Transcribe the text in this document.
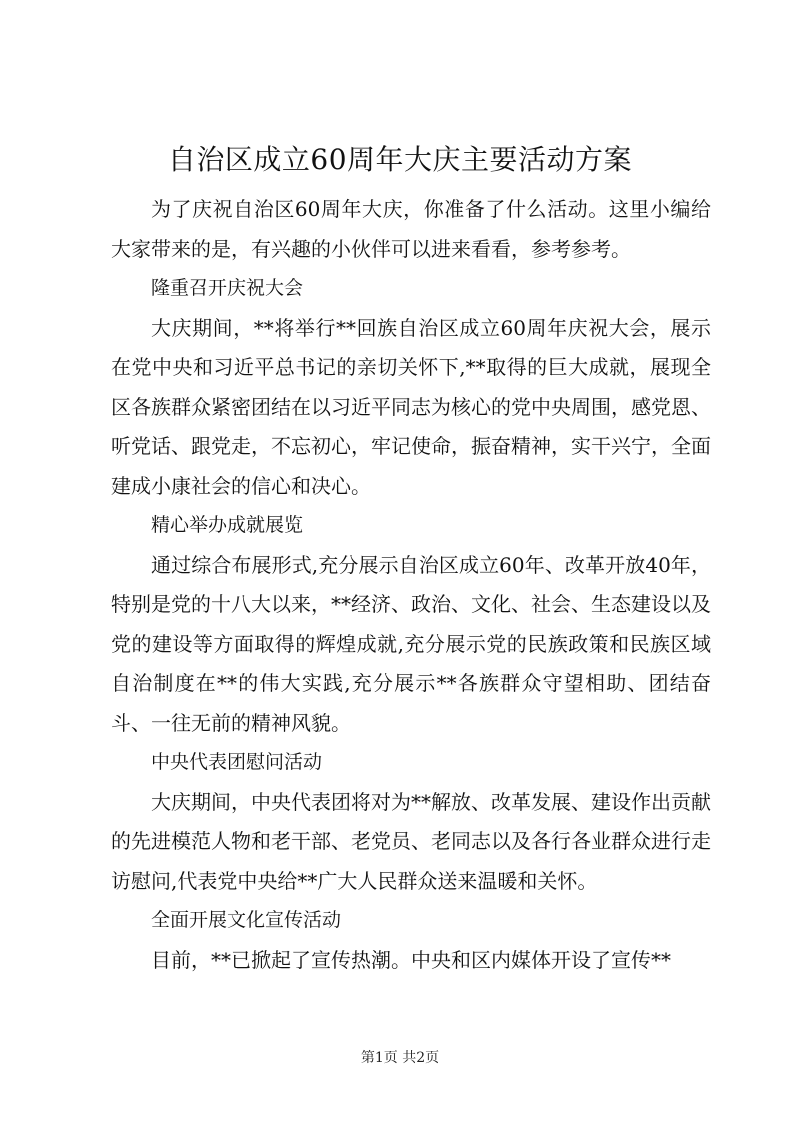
自治区成立60周年大庆主要活动方案

为了庆祝自治区60周年大庆，你准备了什么活动。这里小编给大家带来的是，有兴趣的小伙伴可以进来看看，参考参考。

隆重召开庆祝大会

大庆期间，**将举行**回族自治区成立60周年庆祝大会，展示在党中央和习近平总书记的亲切关怀下,**取得的巨大成就，展现全区各族群众紧密团结在以习近平同志为核心的党中央周围，感党恩、听党话、跟党走，不忘初心，牢记使命，振奋精神，实干兴宁，全面建成小康社会的信心和决心。

精心举办成就展览

通过综合布展形式,充分展示自治区成立60年、改革开放40年，特别是党的十八大以来，**经济、政治、文化、社会、生态建设以及党的建设等方面取得的辉煌成就,充分展示党的民族政策和民族区域自治制度在**的伟大实践,充分展示**各族群众守望相助、团结奋斗、一往无前的精神风貌。

中央代表团慰问活动

大庆期间，中央代表团将对为**解放、改革发展、建设作出贡献的先进模范人物和老干部、老党员、老同志以及各行各业群众进行走访慰问,代表党中央给**广大人民群众送来温暖和关怀。

全面开展文化宣传活动

目前，**已掀起了宣传热潮。中央和区内媒体开设了宣传**

第1页 共2页
